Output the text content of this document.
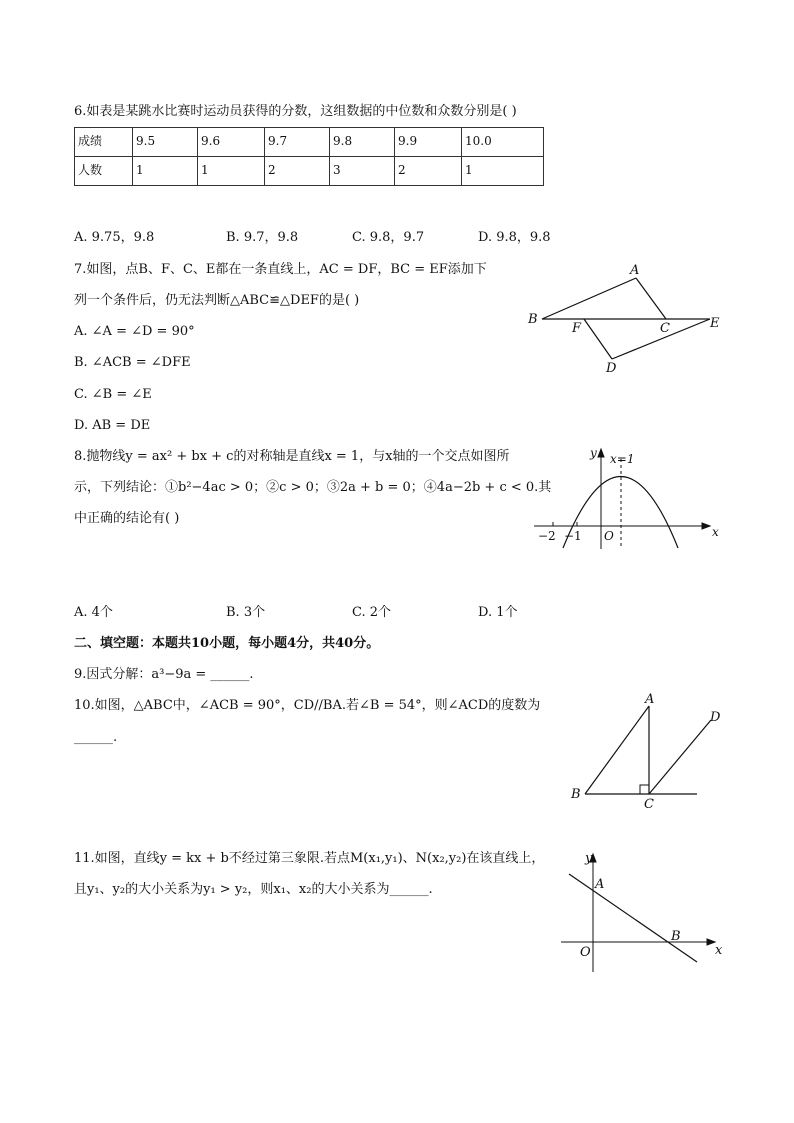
6.如表是某跳水比赛时运动员获得的分数，这组数据的中位数和众数分别是( )
成绩	9.5	9.6	9.7	9.8	9.9	10.0
人数	1	1	2	3	2	1
A. 9.75，9.8	B. 9.7，9.8	C. 9.8，9.7	D. 9.8，9.8
7.如图，点B、F、C、E都在一条直线上，AC = DF，BC = EF添加下
列一个条件后，仍无法判断△ABC≌△DEF的是( )
A. ∠A = ∠D = 90°
B. ∠ACB = ∠DFE
C. ∠B = ∠E
D. AB = DE
A
B
F	C	E
D
8.抛物线y = ax² + bx + c的对称轴是直线x = 1，与x轴的一个交点如图所
示，下列结论：①b²−4ac > 0；②c > 0；③2a + b = 0；④4a−2b + c < 0.其
中正确的结论有( )
y x=1
x
O
−2 −1
A. 4个	B. 3个	C. 2个	D. 1个
二、填空题：本题共10小题，每小题4分，共40分。
9.因式分解：a³−9a = ______.
10.如图，△ABC中，∠ACB = 90°，CD//BA.若∠B = 54°，则∠ACD的度数为
______.
A
B
C
D
11.如图，直线y = kx + b不经过第三象限.若点M(x₁,y₁)、N(x₂,y₂)在该直线上，
且y₁、y₂的大小关系为y₁ > y₂，则x₁、x₂的大小关系为______.
y
x
A
B
O
